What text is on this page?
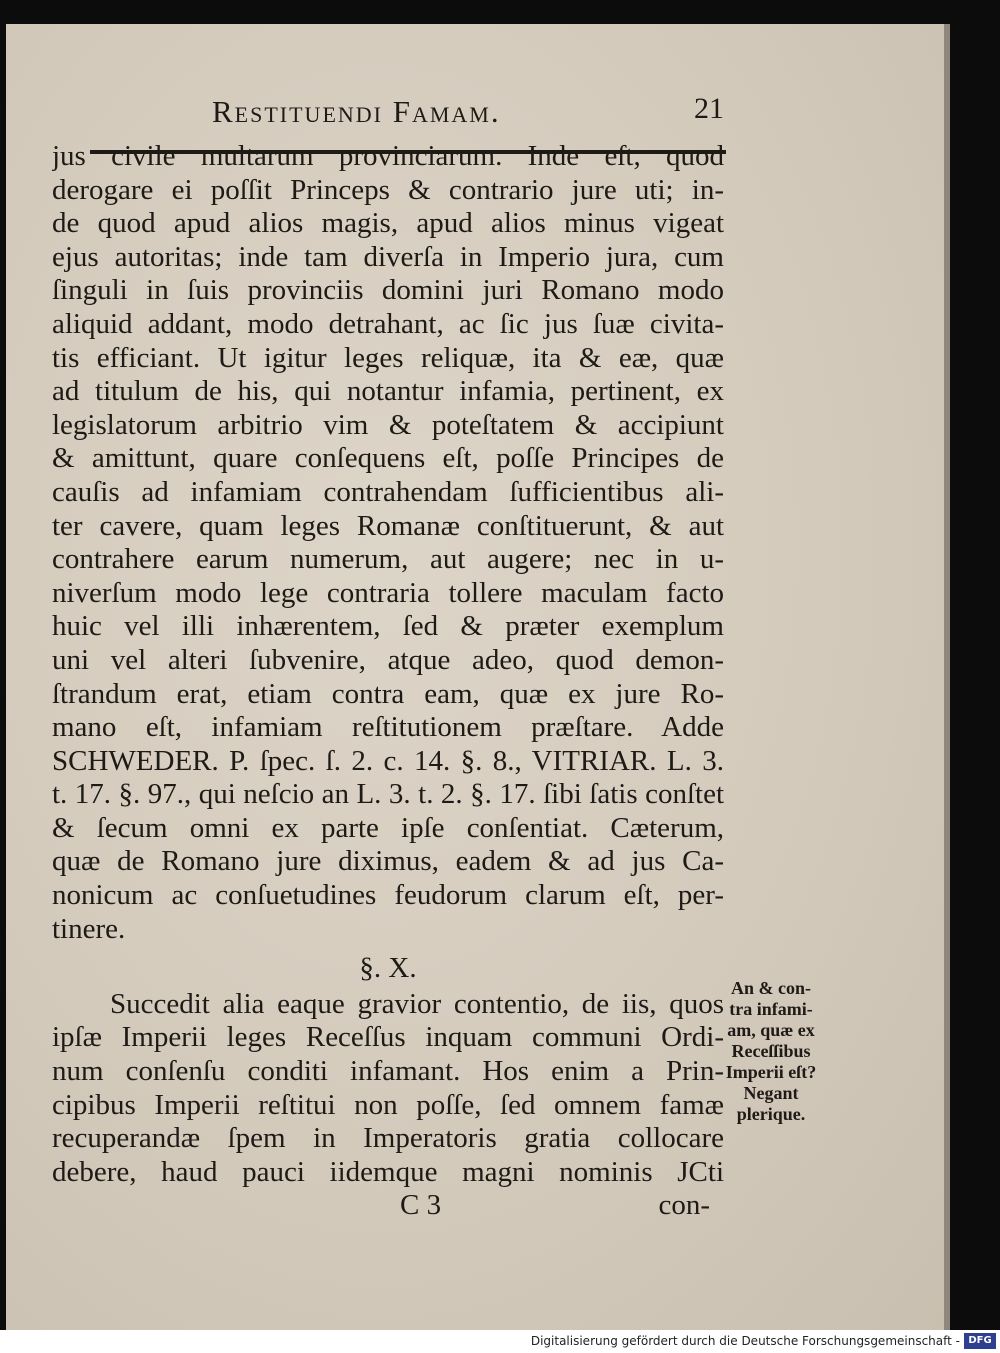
Restituendi Famam.	21
jus civile multarum provinciarum. Inde eſt, quod
derogare ei poſſit Princeps & contrario jure uti; in-
de quod apud alios magis, apud alios minus vigeat
ejus autoritas; inde tam diverſa in Imperio jura, cum
ſinguli in ſuis provinciis domini juri Romano modo
aliquid addant, modo detrahant, ac ſic jus ſuæ civita-
tis efficiant. Ut igitur leges reliquæ, ita & eæ, quæ
ad titulum de his, qui notantur infamia, pertinent, ex
legislatorum arbitrio vim & poteſtatem & accipiunt
& amittunt, quare conſequens eſt, poſſe Principes de
cauſis ad infamiam contrahendam ſufficientibus ali-
ter cavere, quam leges Romanæ conſtituerunt, & aut
contrahere earum numerum, aut augere; nec in u-
niverſum modo lege contraria tollere maculam facto
huic vel illi inhærentem, ſed & præter exemplum
uni vel alteri ſubvenire, atque adeo, quod demon-
ſtrandum erat, etiam contra eam, quæ ex jure Ro-
mano eſt, infamiam reſtitutionem præſtare. Adde
SCHWEDER. P. ſpec. ſ. 2. c. 14. §. 8., VITRIAR. L. 3.
t. 17. §. 97., qui neſcio an L. 3. t. 2. §. 17. ſibi ſatis conſtet
& ſecum omni ex parte ipſe conſentiat. Cæterum,
quæ de Romano jure diximus, eadem & ad jus Ca-
nonicum ac conſuetudines feudorum clarum eſt, per-
tinere.
§. X.
Succedit alia eaque gravior contentio, de iis, quos
ipſæ Imperii leges Receſſus inquam communi Ordi-
num conſenſu conditi infamant. Hos enim a Prin-
cipibus Imperii reſtitui non poſſe, ſed omnem famæ
recuperandæ ſpem in Imperatoris gratia collocare
debere, haud pauci iidemque magni nominis JCti
C 3	con-
An & con-
tra infami-
am, quæ ex
Receſſibus
Imperii eſt?
Negant
plerique.
Digitalisierung gefördert durch die Deutsche Forschungsgemeinschaft - DFG
